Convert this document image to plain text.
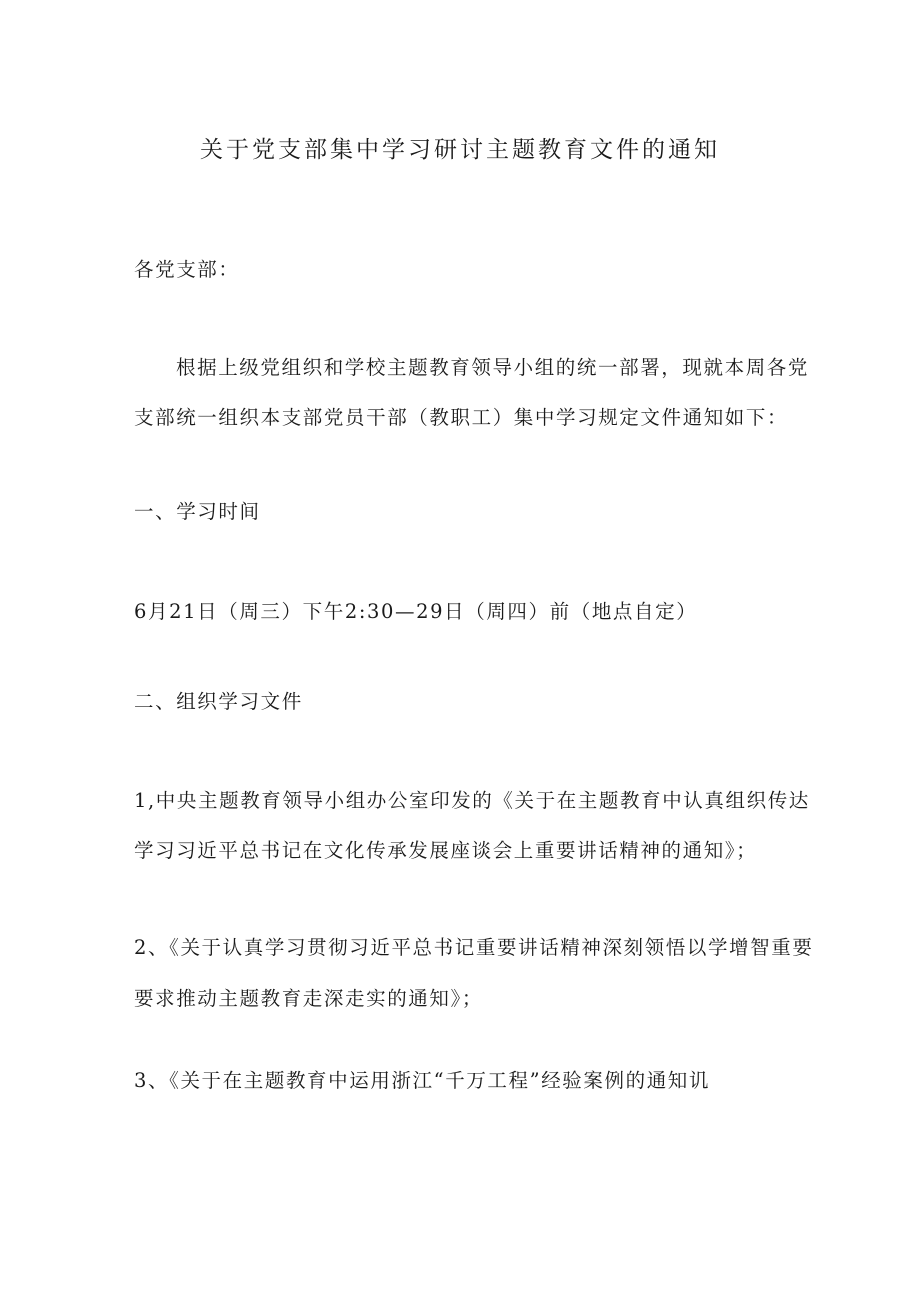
关于党支部集中学习研讨主题教育文件的通知

各党支部：

根据上级党组织和学校主题教育领导小组的统一部署，现就本周各党

支部统一组织本支部党员干部（教职工）集中学习规定文件通知如下：

一、学习时间

6月21日（周三）下午2:30—29日（周四）前（地点自定）

二、组织学习文件

1,中央主题教育领导小组办公室印发的《关于在主题教育中认真组织传达

学习习近平总书记在文化传承发展座谈会上重要讲话精神的通知》；

2、《关于认真学习贯彻习近平总书记重要讲话精神深刻领悟以学增智重要

要求推动主题教育走深走实的通知》；

3、《关于在主题教育中运用浙江“千万工程”经验案例的通知讥
